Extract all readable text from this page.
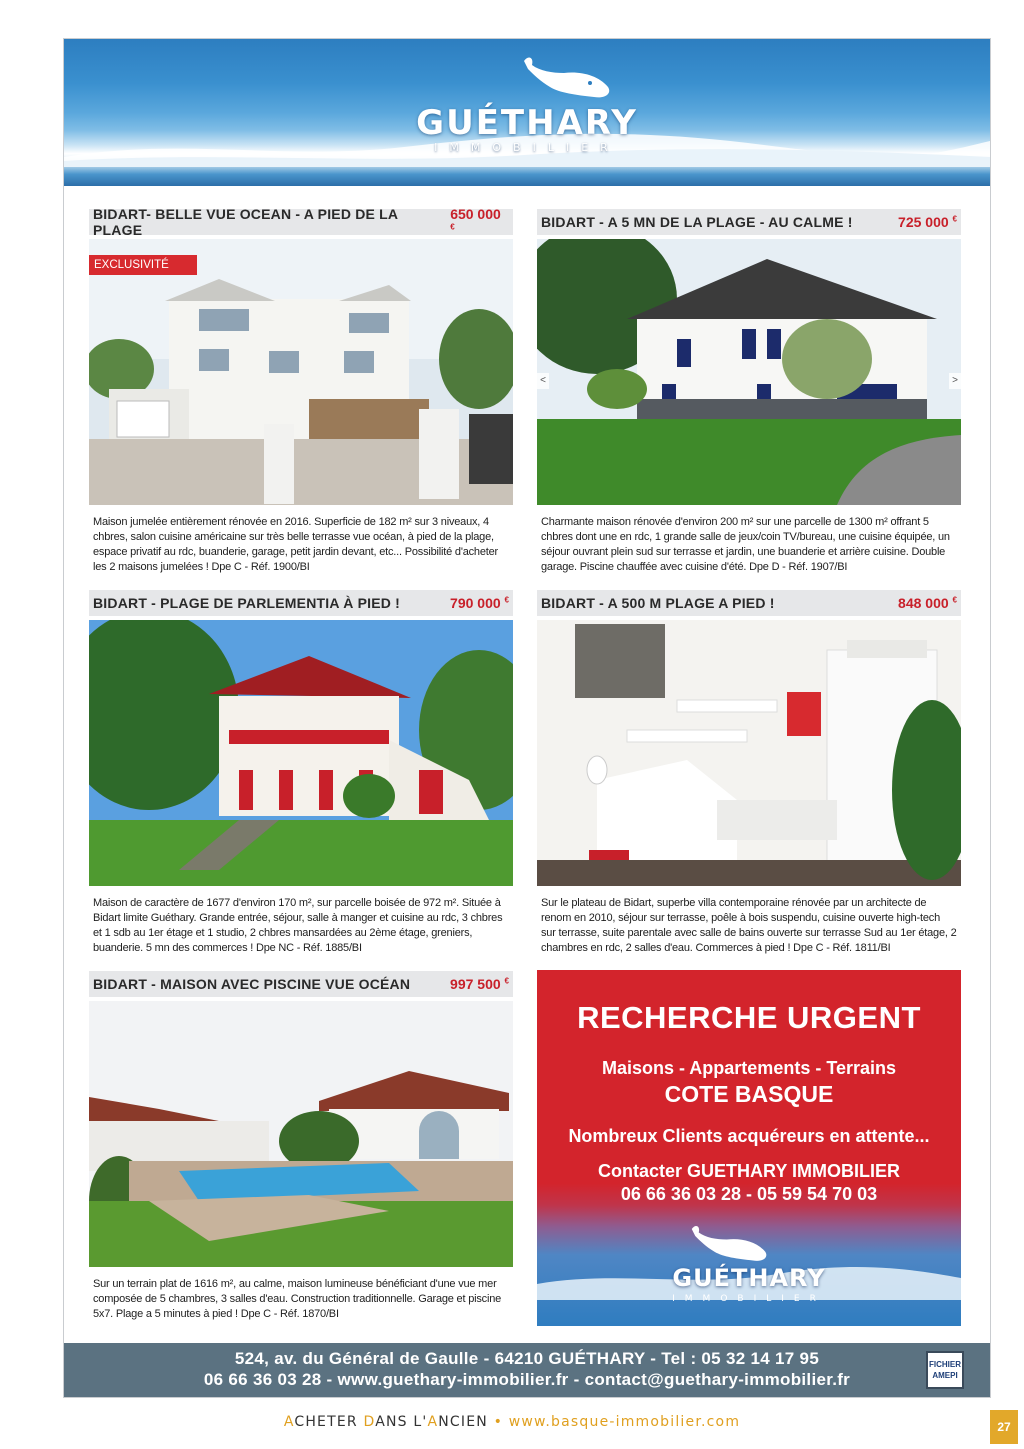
GUÉTHARY
IMMOBILIER
BIDART- BELLE VUE OCEAN - A PIED DE LA PLAGE
650 000 €
EXCLUSIVITÉ
Maison jumelée entièrement rénovée en 2016. Superficie de 182 m² sur 3 niveaux, 4 chbres, salon cuisine américaine sur très belle terrasse vue océan, à pied de la plage, espace privatif au rdc, buanderie, garage, petit jardin devant, etc... Possibilité d'acheter les 2 maisons jumelées ! Dpe C - Réf. 1900/BI
BIDART - A 5 MN DE LA PLAGE - AU CALME !	725 000 €
<	>
Charmante maison rénovée d'environ 200 m² sur une parcelle de 1300 m² offrant 5 chbres dont une en rdc, 1 grande salle de jeux/coin TV/bureau, une cuisine équipée, un séjour ouvrant plein sud sur terrasse et jardin, une buanderie et arrière cuisine. Double garage. Piscine chauffée avec cuisine d'été. Dpe D - Réf. 1907/BI
BIDART - PLAGE DE PARLEMENTIA À PIED !	790 000 €
Maison de caractère de 1677 d'environ 170 m², sur parcelle boisée de 972 m². Située à Bidart limite Guéthary. Grande entrée, séjour, salle à manger et cuisine au rdc, 3 chbres et 1 sdb au 1er étage et 1 studio, 2 chbres mansardées au 2ème étage, greniers, buanderie. 5 mn des commerces ! Dpe NC - Réf. 1885/BI
BIDART - A 500 M PLAGE A PIED !	848 000 €
Sur le plateau de Bidart, superbe villa contemporaine rénovée par un architecte de renom en 2010, séjour sur terrasse, poêle à bois suspendu, cuisine ouverte high-tech sur terrasse, suite parentale avec salle de bains ouverte sur terrasse Sud au 1er étage, 2 chambres en rdc, 2 salles d'eau. Commerces à pied ! Dpe C - Réf. 1811/BI
BIDART - MAISON AVEC PISCINE VUE OCÉAN	997 500 €
Sur un terrain plat de 1616 m², au calme, maison lumineuse bénéficiant d'une vue mer composée de 5 chambres, 3 salles d'eau. Construction traditionnelle. Garage et piscine 5x7. Plage a 5 minutes à pied ! Dpe C - Réf. 1870/BI
RECHERCHE URGENT
Maisons - Appartements - Terrains
COTE BASQUE
Nombreux Clients acquéreurs en attente...
Contacter GUETHARY IMMOBILIER
06 66 36 03 28 - 05 59 54 70 03
GUÉTHARY
IMMOBILIER
524, av. du Général de Gaulle - 64210 GUÉTHARY - Tel : 05 32 14 17 95
06 66 36 03 28 - www.guethary-immobilier.fr - contact@guethary-immobilier.fr
FICHIER
AMEPI
ACHETER DANS L'ANCIEN • www.basque-immobilier.com	27
